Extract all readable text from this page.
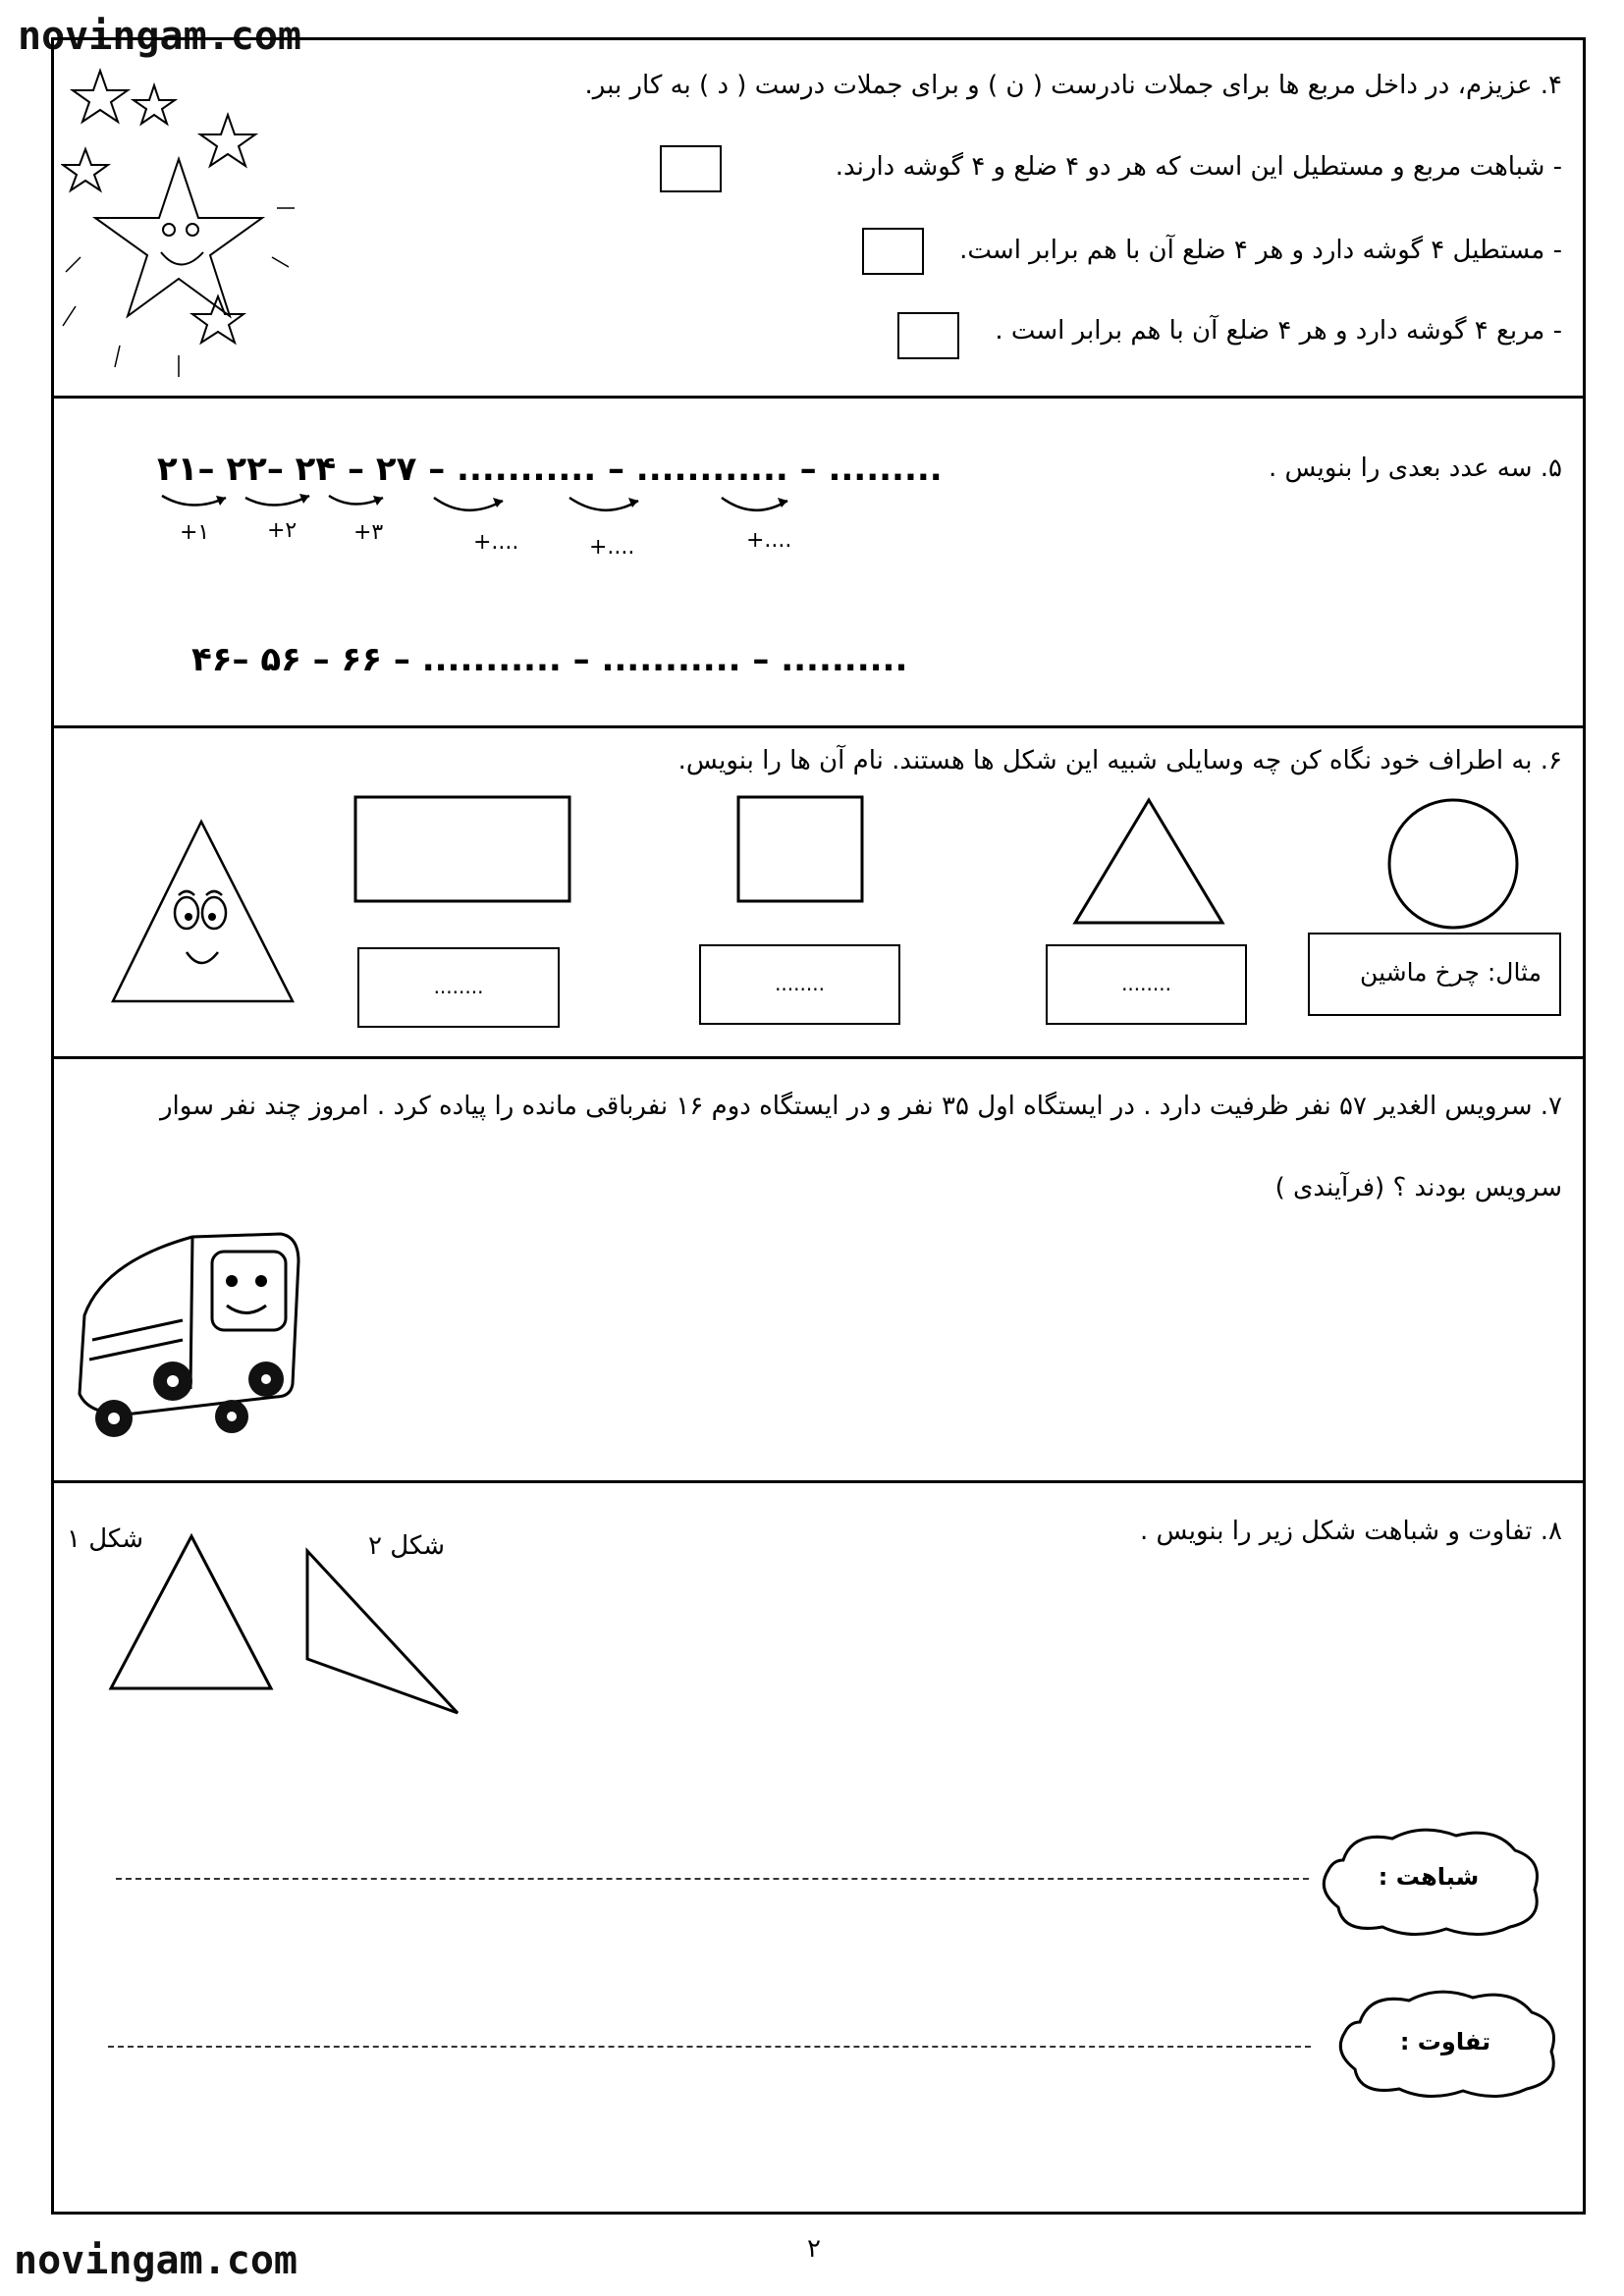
novingam.com
۴. عزیزم، در داخل مربع ها برای جملات نادرست ( ن ) و برای جملات درست ( د ) به کار ببر.
- شباهت مربع و مستطیل این است که هر دو ۴ ضلع و ۴ گوشه دارند.
- مستطیل ۴ گوشه دارد و هر ۴ ضلع آن با هم برابر است.
- مربع ۴ گوشه دارد و هر ۴ ضلع آن با هم برابر است .
۵. سه عدد بعدی را بنویس .
۲۱– ۲۲– ۲۴ – ۲۷ – ........... – ............ – .........
+۱	+۲	+۳	+....	+....	+....
۴۶– ۵۶ – ۶۶ – ........... – ........... – ..........
۶. به اطراف خود نگاه کن چه وسایلی شبیه این شکل ها هستند. نام آن ها را بنویس.
مثال: چرخ ماشین
........
........
........
۷. سرویس الغدیر ۵۷ نفر ظرفیت دارد . در ایستگاه اول ۳۵ نفر و در ایستگاه دوم ۱۶ نفرباقی مانده را پیاده کرد . امروز چند نفر سوار
سرویس بودند ؟ (فرآیندی )
۸. تفاوت و شباهت شکل زیر را بنویس .
شکل ۱	شکل ۲
شباهت :
تفاوت :
۲
novingam.com
